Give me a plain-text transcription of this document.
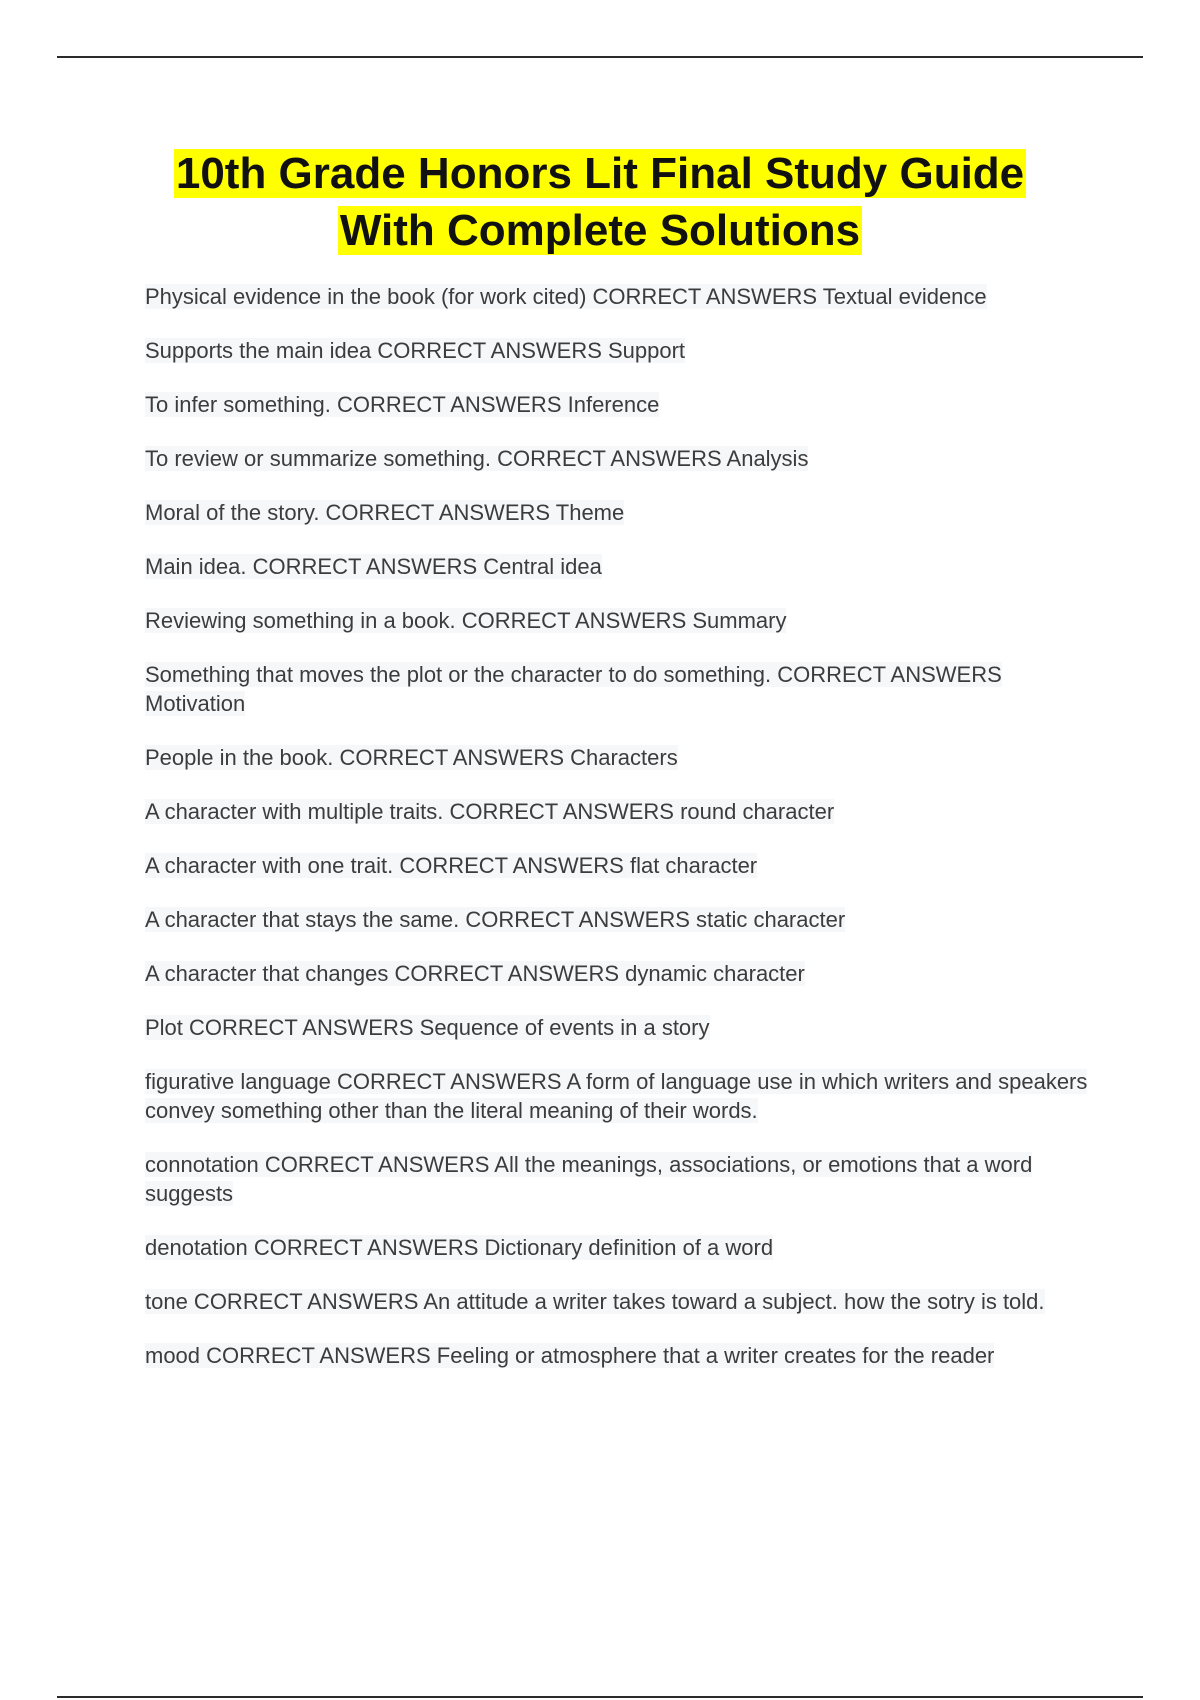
10th Grade Honors Lit Final Study Guide
With Complete Solutions
Physical evidence in the book (for work cited) CORRECT ANSWERS Textual evidence
Supports the main idea CORRECT ANSWERS Support
To infer something. CORRECT ANSWERS Inference
To review or summarize something. CORRECT ANSWERS Analysis
Moral of the story. CORRECT ANSWERS Theme
Main idea. CORRECT ANSWERS Central idea
Reviewing something in a book. CORRECT ANSWERS Summary
Something that moves the plot or the character to do something. CORRECT ANSWERS Motivation
People in the book. CORRECT ANSWERS Characters
A character with multiple traits. CORRECT ANSWERS round character
A character with one trait. CORRECT ANSWERS flat character
A character that stays the same. CORRECT ANSWERS static character
A character that changes CORRECT ANSWERS dynamic character
Plot CORRECT ANSWERS Sequence of events in a story
figurative language CORRECT ANSWERS A form of language use in which writers and speakers convey something other than the literal meaning of their words.
connotation CORRECT ANSWERS All the meanings, associations, or emotions that a word suggests
denotation CORRECT ANSWERS Dictionary definition of a word
tone CORRECT ANSWERS An attitude a writer takes toward a subject. how the sotry is told.
mood CORRECT ANSWERS Feeling or atmosphere that a writer creates for the reader
